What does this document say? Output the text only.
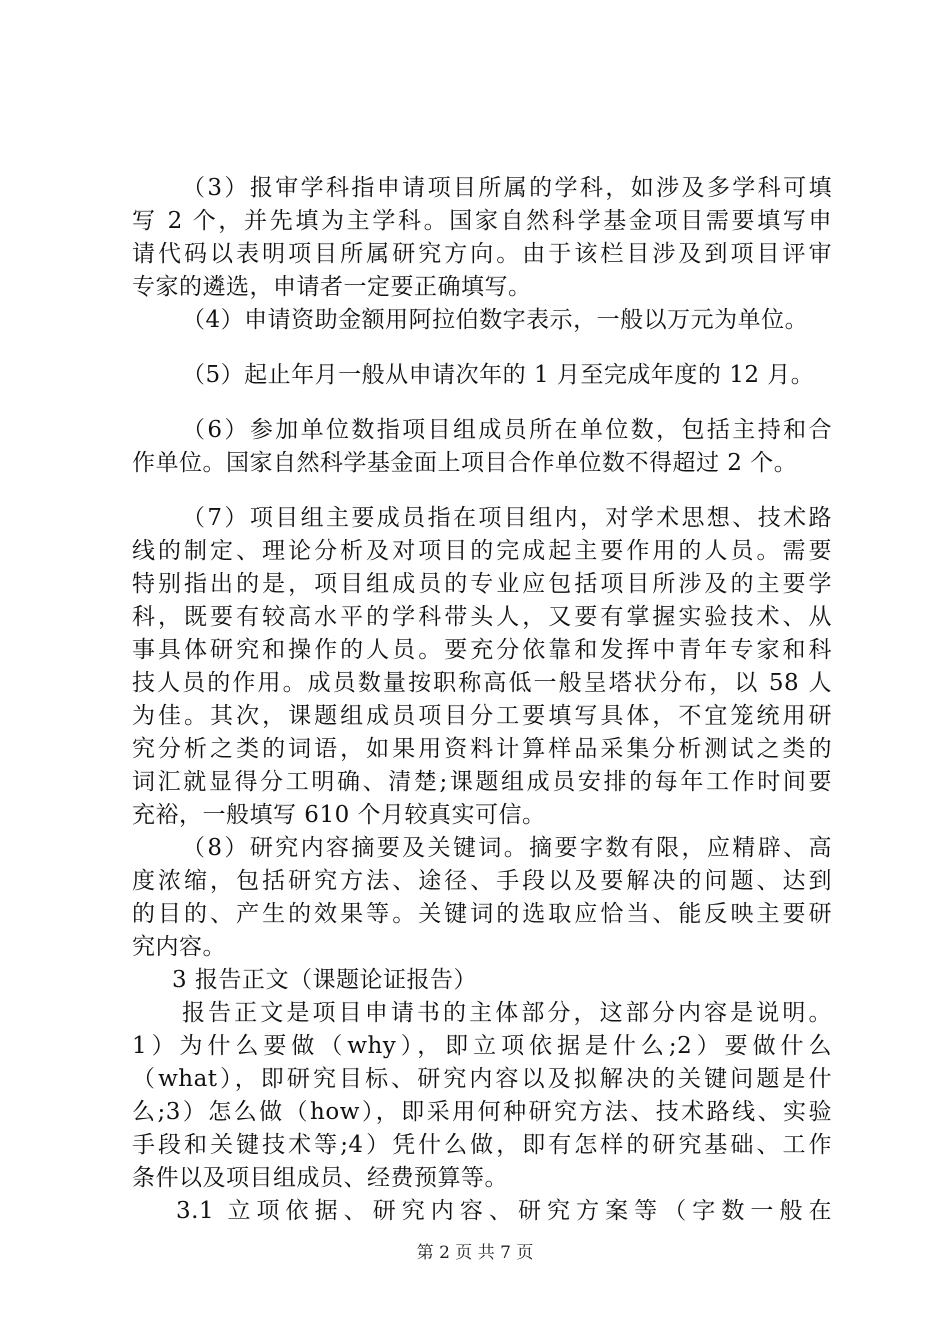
（3）报审学科指申请项目所属的学科，如涉及多学科可填
写 2 个，并先填为主学科。国家自然科学基金项目需要填写申
请代码以表明项目所属研究方向。由于该栏目涉及到项目评审
专家的遴选，申请者一定要正确填写。
（4）申请资助金额用阿拉伯数字表示，一般以万元为单位。
（5）起止年月一般从申请次年的 1 月至完成年度的 12 月。
（6）参加单位数指项目组成员所在单位数，包括主持和合
作单位。国家自然科学基金面上项目合作单位数不得超过 2 个。
（7）项目组主要成员指在项目组内，对学术思想、技术路
线的制定、理论分析及对项目的完成起主要作用的人员。需要
特别指出的是，项目组成员的专业应包括项目所涉及的主要学
科，既要有较高水平的学科带头人，又要有掌握实验技术、从
事具体研究和操作的人员。要充分依靠和发挥中青年专家和科
技人员的作用。成员数量按职称高低一般呈塔状分布，以 58 人
为佳。其次，课题组成员项目分工要填写具体，不宜笼统用研
究分析之类的词语，如果用资料计算样品采集分析测试之类的
词汇就显得分工明确、清楚;课题组成员安排的每年工作时间要
充裕，一般填写 610 个月较真实可信。
（8）研究内容摘要及关键词。摘要字数有限，应精辟、高
度浓缩，包括研究方法、途径、手段以及要解决的问题、达到
的目的、产生的效果等。关键词的选取应恰当、能反映主要研
究内容。
3 报告正文（课题论证报告）
报告正文是项目申请书的主体部分，这部分内容是说明。
1）为什么要做（why），即立项依据是什么;2）要做什么
（what），即研究目标、研究内容以及拟解决的关键问题是什
么;3）怎么做（how），即采用何种研究方法、技术路线、实验
手段和关键技术等;4）凭什么做，即有怎样的研究基础、工作
条件以及项目组成员、经费预算等。
3.1 立项依据、研究内容、研究方案等（字数一般在
第 2 页 共 7 页
